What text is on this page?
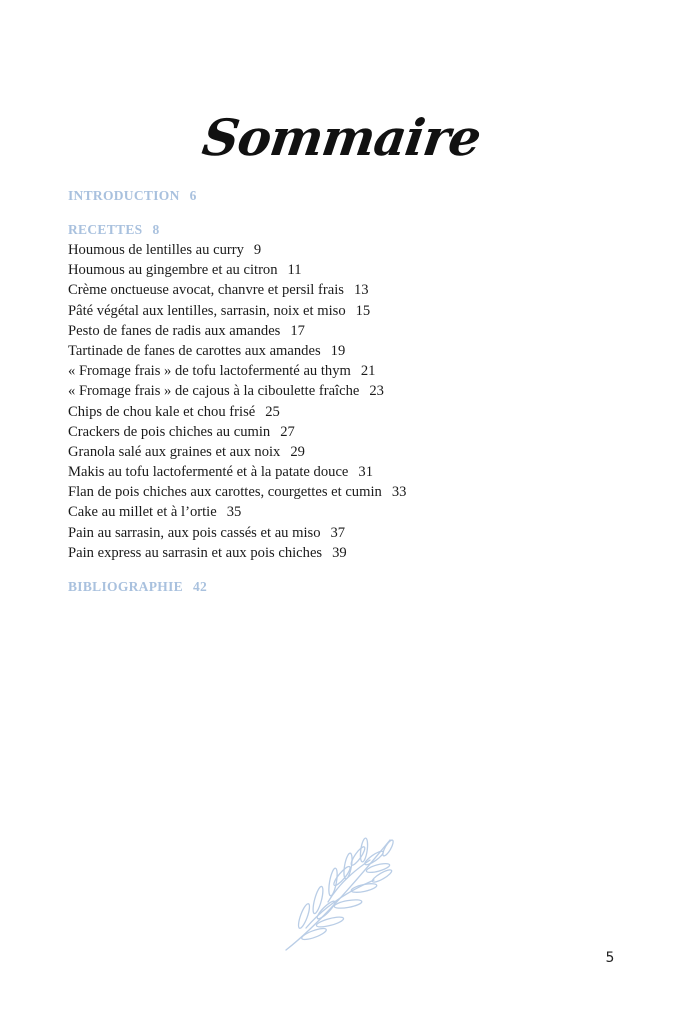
Sommaire
INTRODUCTION 6
RECETTES 8
Houmous de lentilles au curry 9
Houmous au gingembre et au citron 11
Crème onctueuse avocat, chanvre et persil frais 13
Pâté végétal aux lentilles, sarrasin, noix et miso 15
Pesto de fanes de radis aux amandes 17
Tartinade de fanes de carottes aux amandes 19
« Fromage frais » de tofu lactofermenté au thym 21
« Fromage frais » de cajous à la ciboulette fraîche 23
Chips de chou kale et chou frisé 25
Crackers de pois chiches au cumin 27
Granola salé aux graines et aux noix 29
Makis au tofu lactofermenté et à la patate douce 31
Flan de pois chiches aux carottes, courgettes et cumin 33
Cake au millet et à l’ortie 35
Pain au sarrasin, aux pois cassés et au miso 37
Pain express au sarrasin et aux pois chiches 39
BIBLIOGRAPHIE 42
5
